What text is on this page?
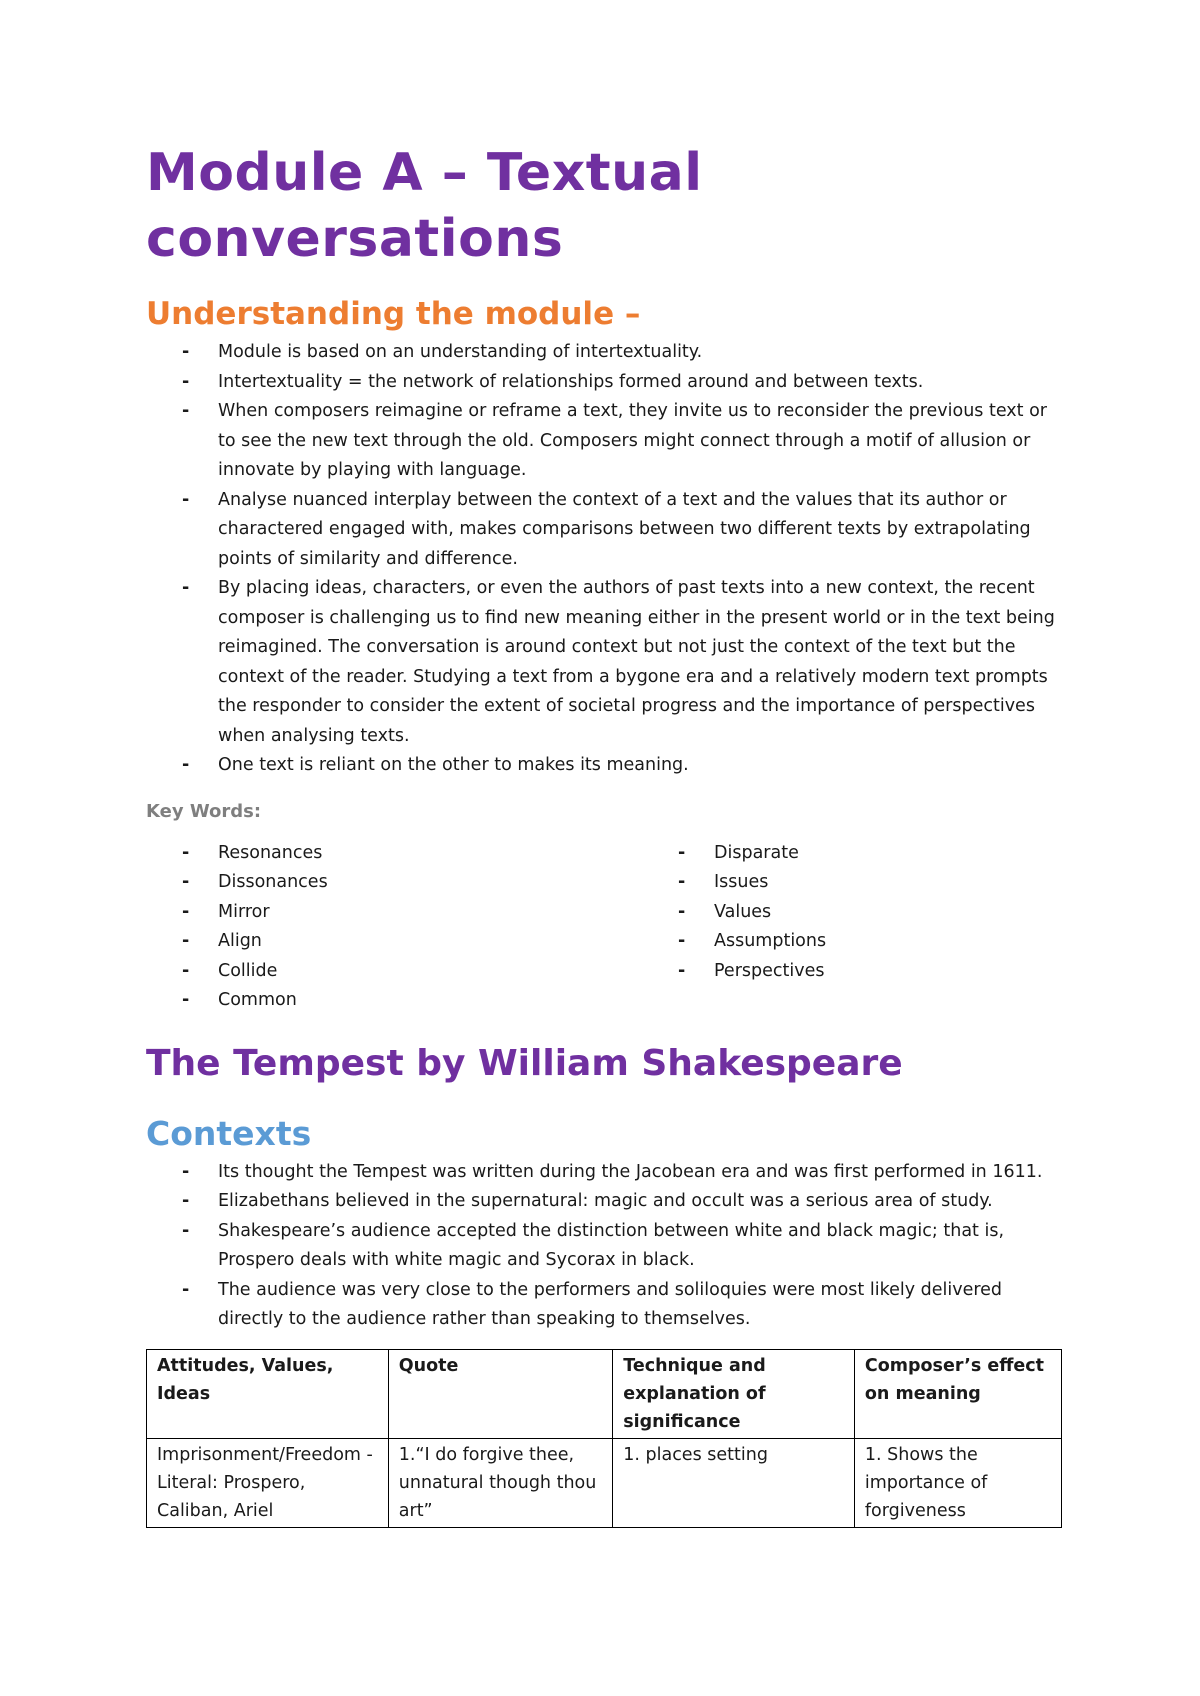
Module A – Textual conversations
Understanding the module –
- Module is based on an understanding of intertextuality.
- Intertextuality = the network of relationships formed around and between texts.
- When composers reimagine or reframe a text, they invite us to reconsider the previous text or to see the new text through the old. Composers might connect through a motif of allusion or innovate by playing with language.
- Analyse nuanced interplay between the context of a text and the values that its author or charactered engaged with, makes comparisons between two different texts by extrapolating points of similarity and difference.
- By placing ideas, characters, or even the authors of past texts into a new context, the recent composer is challenging us to find new meaning either in the present world or in the text being reimagined. The conversation is around context but not just the context of the text but the context of the reader. Studying a text from a bygone era and a relatively modern text prompts the responder to consider the extent of societal progress and the importance of perspectives when analysing texts.
- One text is reliant on the other to makes its meaning.
Key Words:
- Resonances
- Dissonances
- Mirror
- Align
- Collide
- Common
- Disparate
- Issues
- Values
- Assumptions
- Perspectives
The Tempest by William Shakespeare
Contexts
- Its thought the Tempest was written during the Jacobean era and was first performed in 1611.
- Elizabethans believed in the supernatural: magic and occult was a serious area of study.
- Shakespeare’s audience accepted the distinction between white and black magic; that is, Prospero deals with white magic and Sycorax in black.
- The audience was very close to the performers and soliloquies were most likely delivered directly to the audience rather than speaking to themselves.
Attitudes, Values, Ideas	Quote	Technique and explanation of significance	Composer’s effect on meaning
Imprisonment/Freedom -Literal: Prospero, Caliban, Ariel	1.“I do forgive thee, unnatural though thou art”	1. places setting	1. Shows the importance of forgiveness
